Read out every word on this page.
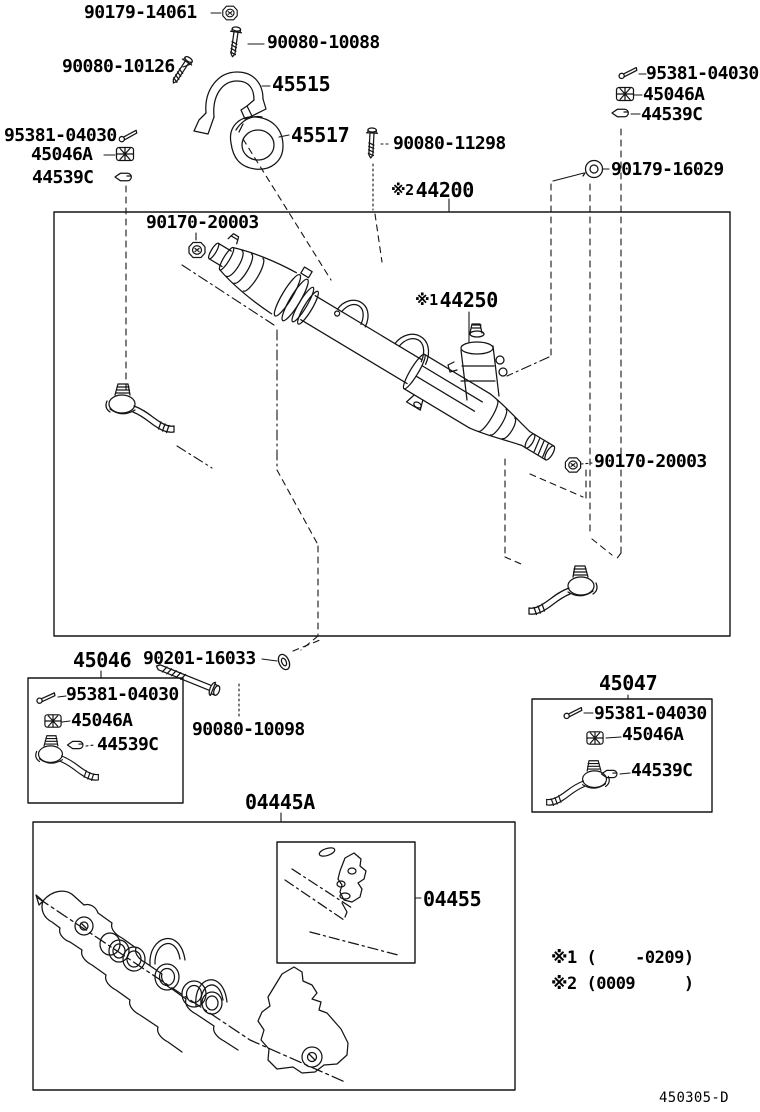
90179-14061
90080-10088
90080-10126
45515
95381-04030
45046A
44539C
45517 90080-11298
※2 44200
95381-04030
45046A
44539C
90179-16029
90170-20003
※1 44250
90170-20003
45046 90201-16033
90080-10098
95381-04030
45046A
44539C
04445A
45047
95381-04030
45046A
44539C
04455
※1 (    -0209)
※2 (0009     )
450305-D
